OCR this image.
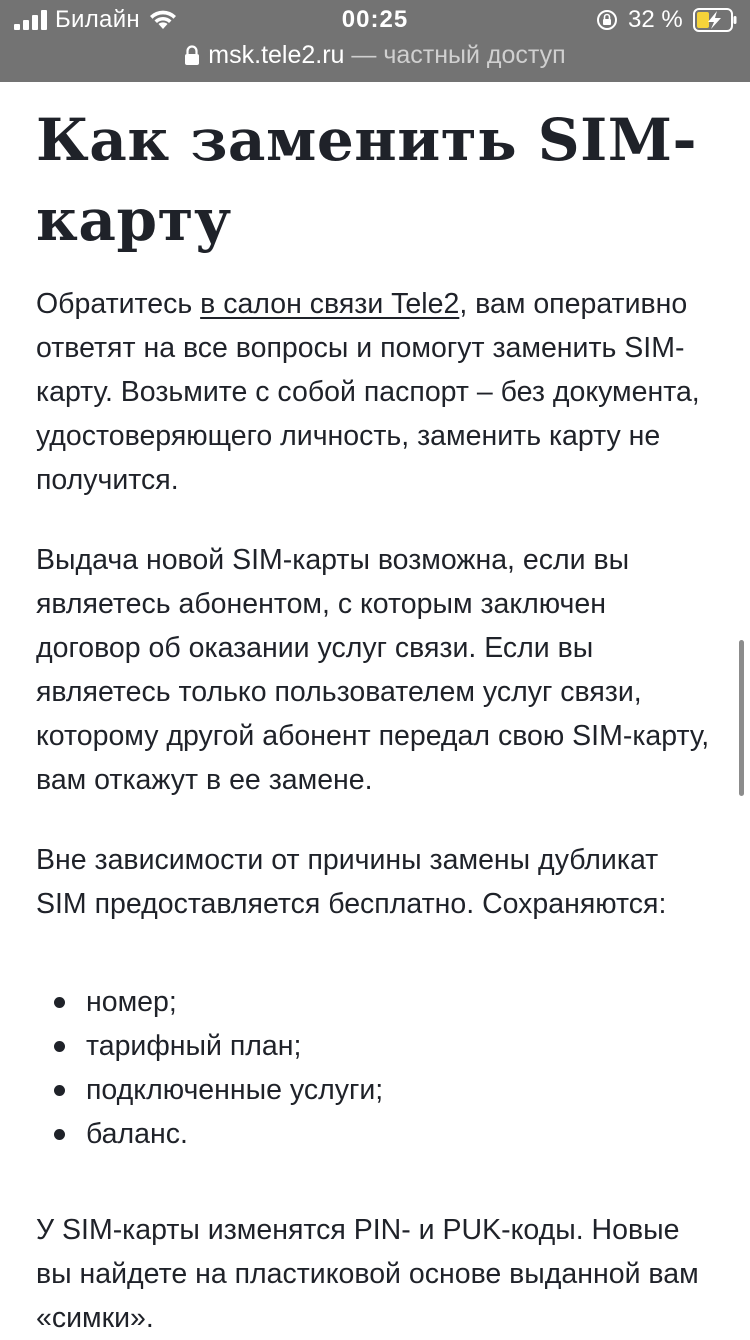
Билайн	00:25	32 %
msk.tele2.ru — частный доступ
Как заменить SIM-карту

Обратитесь в салон связи Tele2, вам оперативно ответят на все вопросы и помогут заменить SIM-карту. Возьмите с собой паспорт – без документа, удостоверяющего личность, заменить карту не получится.

Выдача новой SIM-карты возможна, если вы являетесь абонентом, с которым заключен договор об оказании услуг связи. Если вы являетесь только пользователем услуг связи, которому другой абонент передал свою SIM-карту, вам откажут в ее замене.

Вне зависимости от причины замены дубликат SIM предоставляется бесплатно. Сохраняются:

номер;
тарифный план;
подключенные услуги;
баланс.

У SIM-карты изменятся PIN- и PUK-коды. Новые вы найдете на пластиковой основе выданной вам «симки».
